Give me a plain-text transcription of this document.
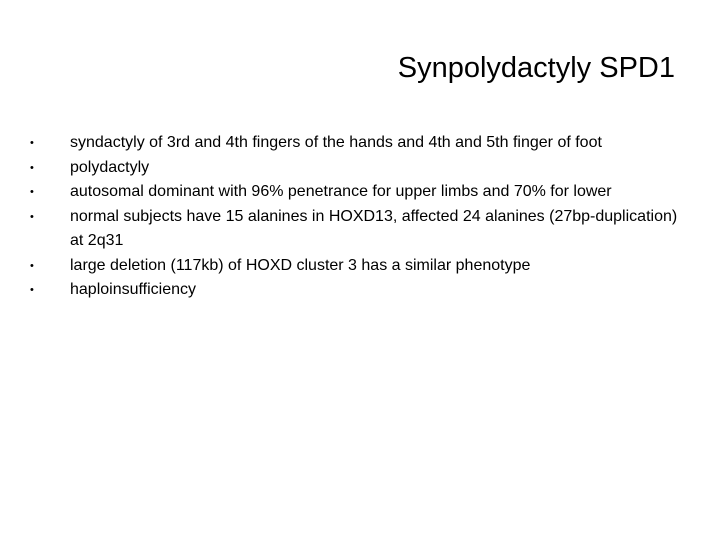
Synpolydactyly SPD1
•	syndactyly of 3rd and 4th fingers of the hands and 4th and 5th finger of foot
•	polydactyly
•	autosomal dominant with 96% penetrance for upper limbs and 70% for lower
•	normal subjects have 15 alanines in HOXD13, affected 24 alanines (27bp-duplication) at 2q31
•	large deletion (117kb) of HOXD cluster 3 has a similar phenotype
•	haploinsufficiency
